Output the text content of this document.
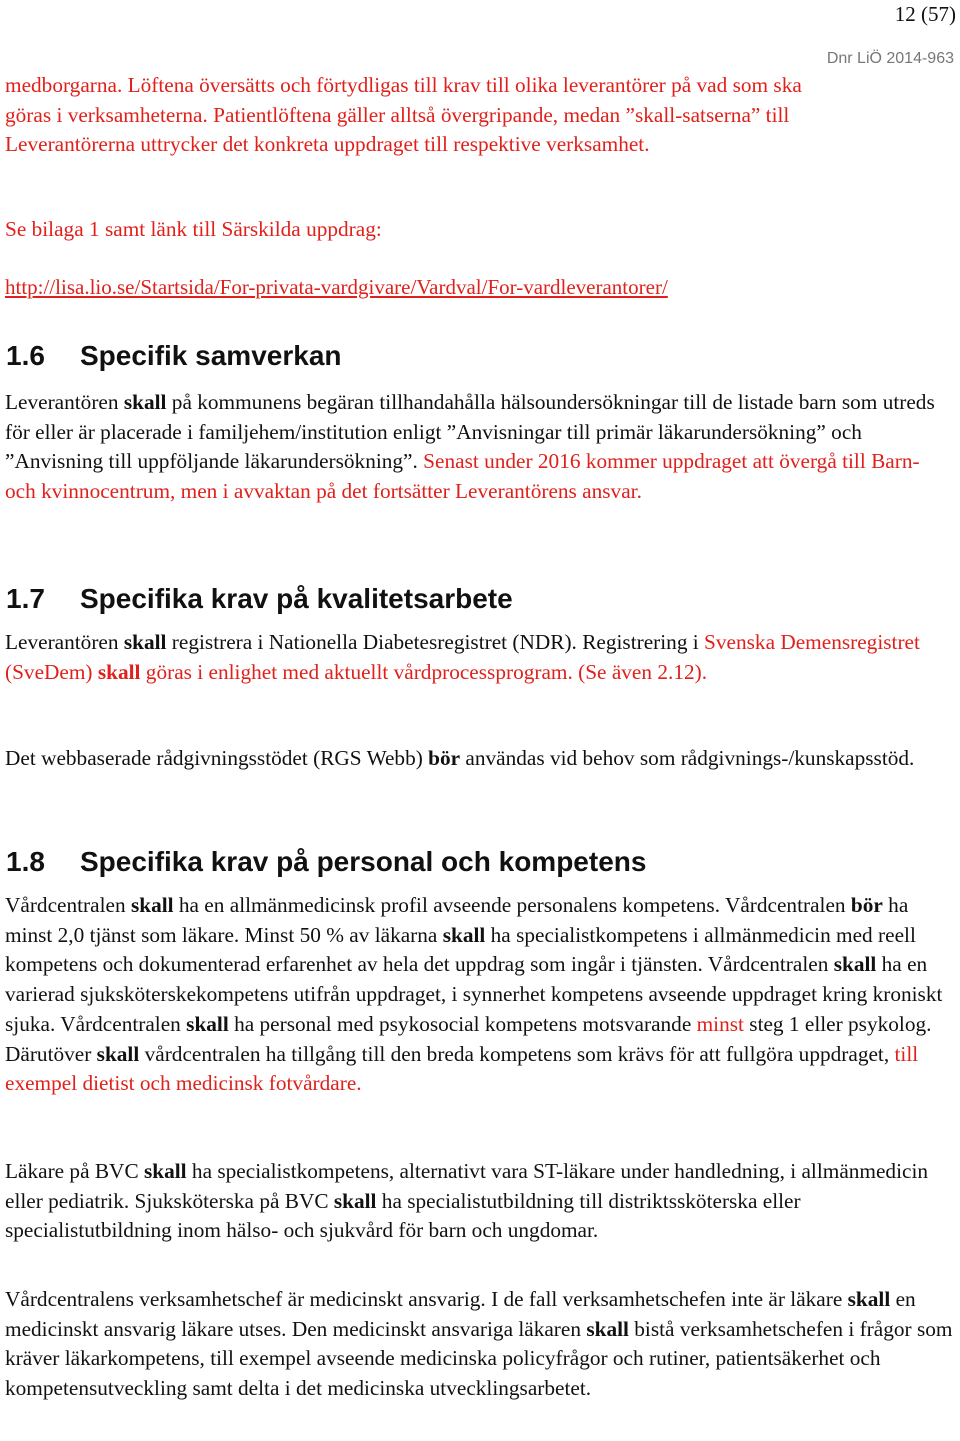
12 (57)
Dnr LiÖ 2014-963

medborgarna. Löftena översätts och förtydligas till krav till olika leverantörer på vad som ska

göras i verksamheterna. Patientlöftena gäller alltså övergripande, medan ”skall-satserna” till

Leverantörerna uttrycker det konkreta uppdraget till respektive verksamhet.

Se bilaga 1 samt länk till Särskilda uppdrag:
http://lisa.lio.se/Startsida/For-privata-vardgivare/Vardval/For-vardleverantorer/
1.6 Specifik samverkan

Leverantören skall på kommunens begäran tillhandahålla hälsoundersökningar till de listade barn som utreds för eller är placerade i familjehem/institution enligt ”Anvisningar till primär läkarundersökning” och ”Anvisning till uppföljande läkarundersökning”. Senast under 2016 kommer uppdraget att övergå till Barn- och kvinnocentrum, men i avvaktan på det fortsätter Leverantörens ansvar.

1.7 Specifika krav på kvalitetsarbete

Leverantören skall registrera i Nationella Diabetesregistret (NDR). Registrering i Svenska Demensregistret (SveDem) skall göras i enlighet med aktuellt vårdprocessprogram. (Se även 2.12).

Det webbaserade rådgivningsstödet (RGS Webb) bör användas vid behov som rådgivnings-/kunskapsstöd.

1.8 Specifika krav på personal och kompetens

Vårdcentralen skall ha en allmänmedicinsk profil avseende personalens kompetens. Vårdcentralen bör ha minst 2,0 tjänst som läkare. Minst 50 % av läkarna skall ha specialistkompetens i allmänmedicin med reell kompetens och dokumenterad erfarenhet av hela det uppdrag som ingår i tjänsten. Vårdcentralen skall ha en varierad sjuksköterskekompetens utifrån uppdraget, i synnerhet kompetens avseende uppdraget kring kroniskt sjuka. Vårdcentralen skall ha personal med psykosocial kompetens motsvarande minst steg 1 eller psykolog. Därutöver skall vårdcentralen ha tillgång till den breda kompetens som krävs för att fullgöra uppdraget, till exempel dietist och medicinsk fotvårdare.

Läkare på BVC skall ha specialistkompetens, alternativt vara ST-läkare under handledning, i allmänmedicin eller pediatrik. Sjuksköterska på BVC skall ha specialistutbildning till distriktssköterska eller specialistutbildning inom hälso- och sjukvård för barn och ungdomar.

Vårdcentralens verksamhetschef är medicinskt ansvarig. I de fall verksamhetschefen inte är läkare skall en medicinskt ansvarig läkare utses. Den medicinskt ansvariga läkaren skall bistå verksamhetschefen i frågor som kräver läkarkompetens, till exempel avseende medicinska policyfrågor och rutiner, patientsäkerhet och kompetensutveckling samt delta i det medicinska utvecklingsarbetet.
